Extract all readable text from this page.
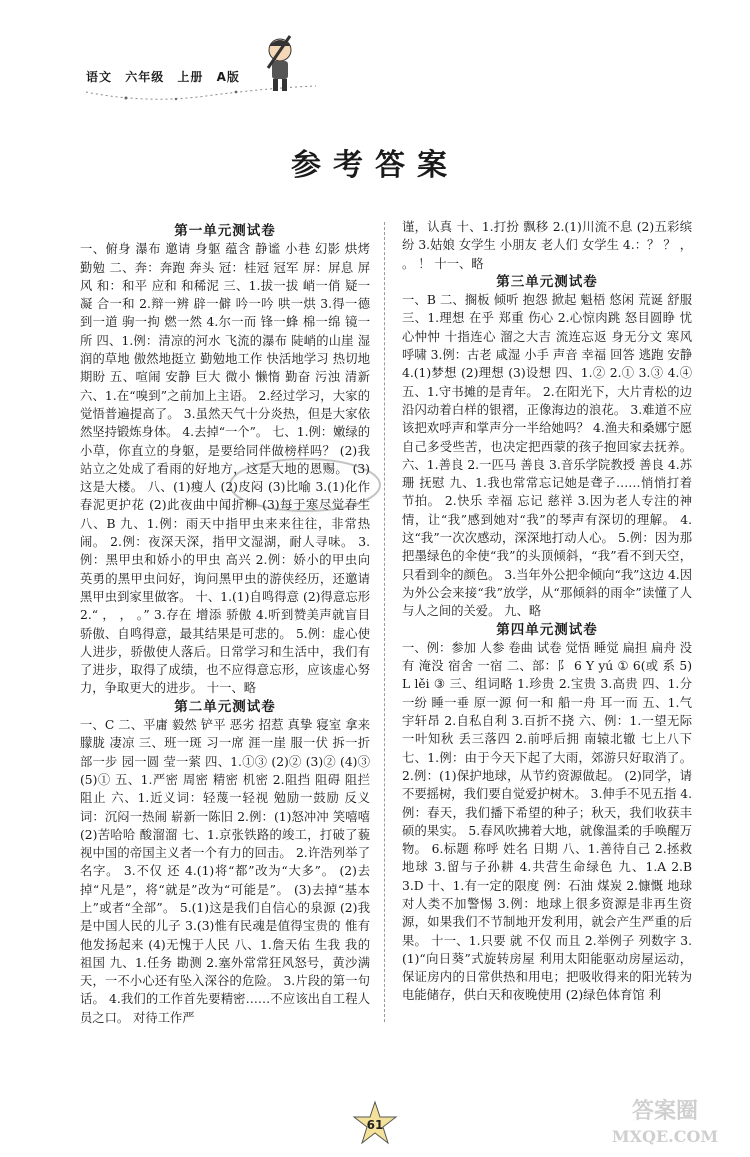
语文 六年级 上册 A版
参考答案

第一单元测试卷

一、俯身 瀑布 邀请 身躯 蕴含 静谧 小巷 幻影 烘烤 勤勉 二、奔：奔跑 奔头 冠：桂冠 冠军 屏：屏息 屏风 和：和平 应和 和稀泥 三、1.拔一拔 峭一俏 疑一凝 合一和 2.辩一辨 辟一僻 吟一吟 哄一烘 3.得一德 到一道 驹一拘 燃一然 4.尔一而 锋一蜂 棉一绵 镜一所 四、1.例：清凉的河水 飞流的瀑布 陡峭的山崖 湿润的草地 傲然地挺立 勤勉地工作 快活地学习 热切地期盼 五、喧闹 安静 巨大 微小 懒惰 勤奋 污浊 清新 六、1.在“嗅到”之前加上主语。 2.经过学习，大家的觉悟普遍提高了。 3.虽然天气十分炎热，但是大家依然坚持锻炼身体。 4.去掉“一个”。 七、1.例：嫩绿的小草，你直立的身躯，是要给同伴做榜样吗？ (2)我站立之处成了看雨的好地方，这是大地的恩赐。 (3)这是大楼。 八、(1)瘦人 (2)皮闷 (3)比喻 3.(1)化作春泥更护花 (2)此夜曲中闻折柳 (3)每于寒尽觉春生 八、B 九、1.例：雨天中指甲虫来来往往，非常热闹。 2.例：夜深天深，指甲文湿湖，耐人寻味。 3.例：黑甲虫和娇小的甲虫 高兴 2.例：娇小的甲虫向英勇的黑甲虫问好，询问黑甲虫的游侠经历，还邀请黑甲虫到家里做客。 十、1.(1)自鸣得意 (2)得意忘形 2.“ ， ， 。” 3.存在 增添 骄傲 4.听到赞美声就盲目骄傲、自鸣得意，最其结果是可悲的。 5.例：虚心使人进步，骄傲使人落后。日常学习和生活中，我们有了进步，取得了成绩，也不应得意忘形，应该虚心努力，争取更大的进步。 十一、略

第二单元测试卷

一、C 二、平庸 毅然 铲平 恶劣 招惹 真挚 寝室 拿来 朦胧 凄凉 三、班一斑 习一席 涯一崖 服一伏 拆一折 部一步 园一圆 莹一萦 四、1.①③ (2)② (3)② (4)③ (5)① 五、1.严密 周密 精密 机密 2.阻挡 阻碍 阻拦 阻止 六、1.近义词：轻蔑一轻视 勉励一鼓励 反义词：沉闷一热闹 崭新一陈旧 2.例：(1)怒冲冲 笑嘻嘻 (2)苦哈哈 酸溜溜 七、1.京张铁路的竣工，打破了藐视中国的帝国主义者一个有力的回击。 2.许浩列举了名字。 3.不仅 还 4.(1)将“都”改为“大多”。 (2)去掉“凡是”，将“就是”改为“可能是”。 (3)去掉“基本上”或者“全部”。 5.(1)这是我们自信心的泉源 (2)我是中国人民的儿子 3.(3)惟有民魂是值得宝贵的 惟有他发扬起来 (4)无愧于人民 八、1.詹天佑 生我 我的祖国 九、1.任务 勘测 2.塞外常常狂风怒号，黄沙满天，一不小心还有坠入深谷的危险。 3.片段的第一句话。 4.我们的工作首先要精密……不应该出自工程人员之口。 对待工作严

谨，认真 十、1.打扮 飘移 2.(1)川流不息 (2)五彩缤纷 3.姑娘 女学生 小朋友 老人们 女学生 4.：？ ？ ， 。 ！ 十一、略

第三单元测试卷

一、B 二、搁板 倾听 抱怨 掀起 魁梧 悠闲 荒诞 舒服 三、1.理想 在乎 郑重 伤心 2.心惊肉跳 怒目圆睁 忧心忡忡 十指连心 溜之大吉 流连忘返 身无分文 寒风呼啸 3.例：古老 咸湿 小手 声音 幸福 回答 逃跑 安静 4.(1)梦想 (2)理想 (3)设想 四、1.② 2.① 3.③ 4.④ 五、1.守书摊的是青年。 2.在阳光下，大片青松的边沿闪动着白样的银褶，正像海边的浪花。 3.难道不应该把欢呼声和掌声分一半给她吗？ 4.渔夫和桑娜宁愿自己多受些苦，也决定把西蒙的孩子抱回家去抚养。 六、1.善良 2.一匹马 善良 3.音乐学院教授 善良 4.苏珊 抚慰 九、1.我也常常忘记她是聋子……悄悄打着节拍。 2.快乐 幸福 忘记 慈祥 3.因为老人专注的神情，让“我”感到她对“我”的琴声有深切的理解。 4.这“我”一次次感动，深深地打动人心。 5.例：因为那把墨绿色的伞使“我”的头顶倾斜，“我”看不到天空，只看到伞的颜色。 3.当年外公把伞倾向“我”这边 4.因为外公会来接“我”放学，从“那倾斜的雨伞”读懂了人与人之间的关爱。 九、略

第四单元测试卷

一、例：参加 人参 卷曲 试卷 觉悟 睡觉 扁担 扁舟 没有 淹没 宿舍 一宿 二、部：阝 6 Y yú ① 6(或 系 5) L lěi ③ 三、组词略 1.珍贵 2.宝贵 3.高贵 四、1.分一纷 睡一垂 原一源 何一和 船一舟 耳一而 五、1.气宇轩昂 2.自私自利 3.百折不挠 六、例：1.一望无际 一叶知秋 丢三落四 2.前呼后拥 南辕北辙 七上八下 七、1.例：由于今天下起了大雨，郊游只好取消了。 2.例：(1)保护地球，从节约资源做起。 (2)同学，请不要摇树，我们要自觉爱护树木。 3.伸手不见五指 4.例：春天，我们播下希望的种子；秋天，我们收获丰硕的果实。 5.春风吹拂着大地，就像温柔的手唤醒万物。 6.标题 称呼 姓名 日期 八、1.善待自己 2.拯救地球 3.留与子孙耕 4.共营生命绿色 九、1.A 2.B 3.D 十、1.有一定的限度 例：石油 煤炭 2.慷慨 地球对人类不加警惕 3.例：地球上很多资源是非再生资源，如果我们不节制地开发利用，就会产生严重的后果。 十一、1.只要 就 不仅 而且 2.举例子 列数字 3.(1)“向日葵”式旋转房屋 利用太阳能驱动房屋运动，保证房内的日常供热和用电；把吸收得来的阳光转为电能储存，供白天和夜晚使用 (2)绿色体育馆 利

61
答案圈
MXQE.COM
